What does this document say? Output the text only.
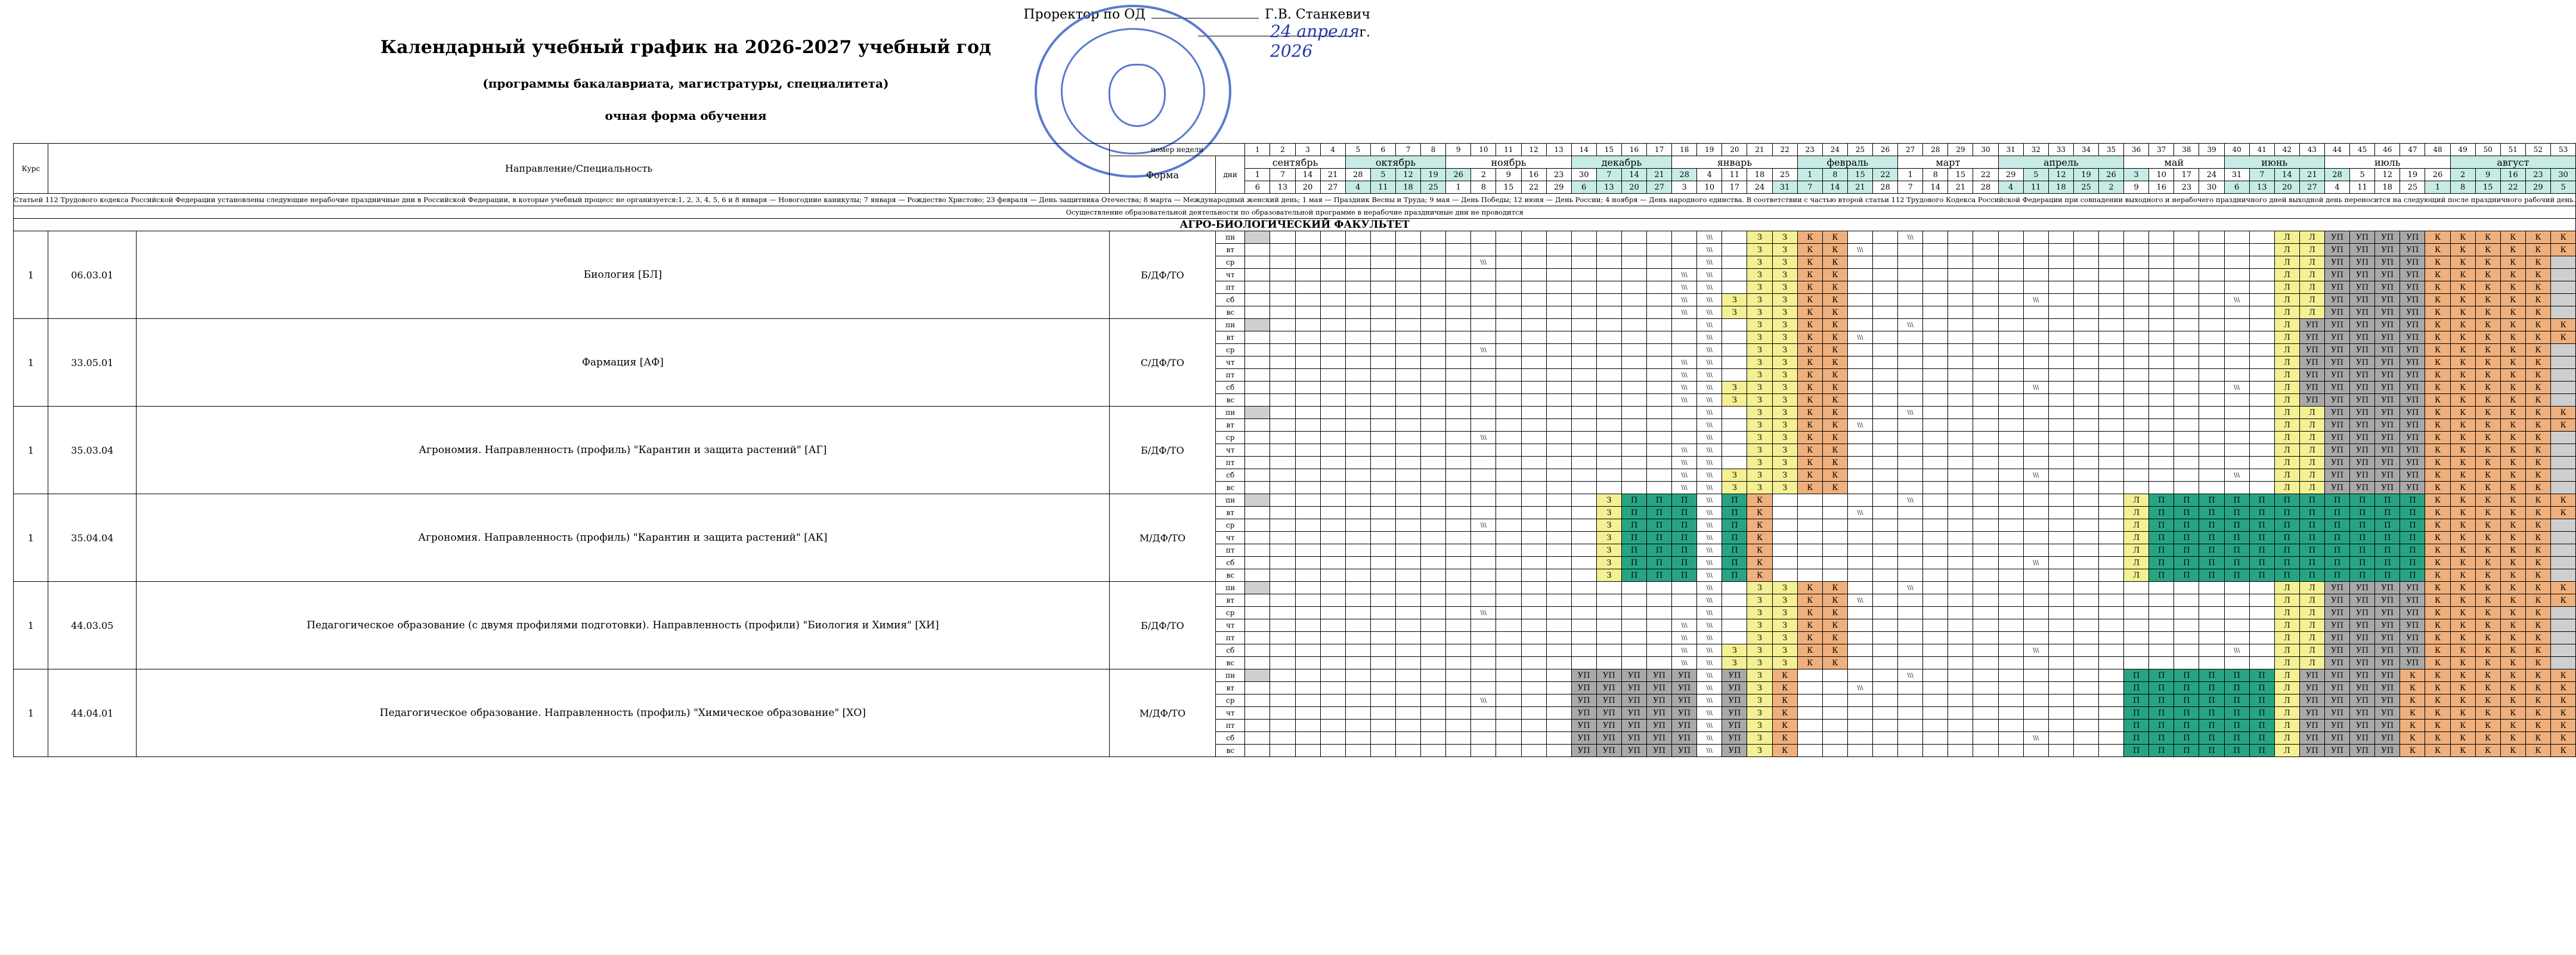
Проректор по ОД	Г.В. Станкевич
г.
24 апреля 2026
Календарный учебный график на 2026-2027 учебный год
(программы бакалавриата, магистратуры, специалитета)
очная форма обучения
Курс	Направление/Специальность		номер недели		1	2	3	4	5	6	7	8	9	10	11	12	13	14	15	16	17	18	19	20	21	22	23	24	25	26	27	28	29	30	31	32	33	34	35	36	37	38	39	40	41	42	43	44	45	46	47	48	49	50	51	52	53
			Форма	дни	сентябрь				октябрь				ноябрь					декабрь				январь					февраль				март				апрель					май				июнь				июль					август				
					1	7	14	21	28	5	12	19	26	2	9	16	23	30	7	14	21	28	4	11	18	25	1	8	15	22	1	8	15	22	29	5	12	19	26	3	10	17	24	31	7	14	21	28	5	12	19	26	2	9	16	23	30
					6	13	20	27	4	11	18	25	1	8	15	22	29	6	13	20	27	3	10	17	24	31	7	14	21	28	7	14	21	28	4	11	18	25	2	9	16	23	30	6	13	20	27	4	11	18	25	1	8	15	22	29	5
Статьей 112 Трудового кодекса Российской Федерации установлены следующие нерабочие праздничные дни в Российской Федерации, в которые учебный процесс не организуется:1, 2, 3, 4, 5, 6 и 8 января — Новогодние каникулы; 7 января — Рождество Христово; 23 февраля — День защитника Отечества; 8 марта — Международный женский день; 1 мая — Праздник Весны и Труда; 9 мая — День Победы; 12 июня — День России; 4 ноября — День народного единства. В соответствии с частью второй статьи 112 Трудового Кодекса Российской Федерации при совпадении выходного и нерабочего праздничного дней выходной день переносится на следующий после праздничного рабочий день.																																																									
Осуществление образовательной деятельности по образовательной программе в нерабочие праздничные дни не проводится																																																									
АГРО-БИОЛОГИЧЕСКИЙ ФАКУЛЬТЕТ																																																									
1	06.03.01	Биология [БЛ]	Б/ДФ/ТО	пн																			\\\		З	З	К	К			\\\															Л	Л	УП	УП	УП	УП	К	К	К	К	К	К
				вт																			\\\		З	З	К	К	\\\																	Л	Л	УП	УП	УП	УП	К	К	К	К	К	К
				ср										\\\									\\\		З	З	К	К																		Л	Л	УП	УП	УП	УП	К	К	К	К	К	
				чт																		\\\	\\\		З	З	К	К																		Л	Л	УП	УП	УП	УП	К	К	К	К	К	
				пт																		\\\	\\\		З	З	К	К																		Л	Л	УП	УП	УП	УП	К	К	К	К	К	
				сб																		\\\	\\\	З	З	З	К	К								\\\								\\\		Л	Л	УП	УП	УП	УП	К	К	К	К	К	
				вс																		\\\	\\\	З	З	З	К	К																		Л	Л	УП	УП	УП	УП	К	К	К	К	К	
1	33.05.01	Фармация [АФ]	С/ДФ/ТО	пн																			\\\		З	З	К	К			\\\															Л	УП	УП	УП	УП	УП	К	К	К	К	К	К
				вт																			\\\		З	З	К	К	\\\																	Л	УП	УП	УП	УП	УП	К	К	К	К	К	К
				ср										\\\									\\\		З	З	К	К																		Л	УП	УП	УП	УП	УП	К	К	К	К	К	
				чт																		\\\	\\\		З	З	К	К																		Л	УП	УП	УП	УП	УП	К	К	К	К	К	
				пт																		\\\	\\\		З	З	К	К																		Л	УП	УП	УП	УП	УП	К	К	К	К	К	
				сб																		\\\	\\\	З	З	З	К	К								\\\								\\\		Л	УП	УП	УП	УП	УП	К	К	К	К	К	
				вс																		\\\	\\\	З	З	З	К	К																		Л	УП	УП	УП	УП	УП	К	К	К	К	К	
1	35.03.04	Агрономия. Направленность (профиль) "Карантин и защита растений" [АГ]	Б/ДФ/ТО	пн																			\\\		З	З	К	К			\\\															Л	Л	УП	УП	УП	УП	К	К	К	К	К	К
				вт																			\\\		З	З	К	К	\\\																	Л	Л	УП	УП	УП	УП	К	К	К	К	К	К
				ср										\\\									\\\		З	З	К	К																		Л	Л	УП	УП	УП	УП	К	К	К	К	К	
				чт																		\\\	\\\		З	З	К	К																		Л	Л	УП	УП	УП	УП	К	К	К	К	К	
				пт																		\\\	\\\		З	З	К	К																		Л	Л	УП	УП	УП	УП	К	К	К	К	К	
				сб																		\\\	\\\	З	З	З	К	К								\\\								\\\		Л	Л	УП	УП	УП	УП	К	К	К	К	К	
				вс																		\\\	\\\	З	З	З	К	К																		Л	Л	УП	УП	УП	УП	К	К	К	К	К	
1	35.04.04	Агрономия. Направленность (профиль) "Карантин и защита растений" [АК]	М/ДФ/ТО	пн															З	П	П	П	\\\	П	К						\\\									Л	П	П	П	П	П	П	П	П	П	П	П	К	К	К	К	К	К
				вт															З	П	П	П	\\\	П	К				\\\											Л	П	П	П	П	П	П	П	П	П	П	П	К	К	К	К	К	К
				ср										\\\					З	П	П	П	\\\	П	К															Л	П	П	П	П	П	П	П	П	П	П	П	К	К	К	К	К	
				чт															З	П	П	П	\\\	П	К															Л	П	П	П	П	П	П	П	П	П	П	П	К	К	К	К	К	
				пт															З	П	П	П	\\\	П	К															Л	П	П	П	П	П	П	П	П	П	П	П	К	К	К	К	К	
				сб															З	П	П	П	\\\	П	К											\\\				Л	П	П	П	П	П	П	П	П	П	П	П	К	К	К	К	К	
				вс															З	П	П	П	\\\	П	К															Л	П	П	П	П	П	П	П	П	П	П	П	К	К	К	К	К	
1	44.03.05	Педагогическое образование (с двумя профилями подготовки). Направленность (профили) "Биология и Химия" [ХИ]	Б/ДФ/ТО	пн																			\\\		З	З	К	К			\\\															Л	Л	УП	УП	УП	УП	К	К	К	К	К	К
				вт																			\\\		З	З	К	К	\\\																	Л	Л	УП	УП	УП	УП	К	К	К	К	К	К
				ср										\\\									\\\		З	З	К	К																		Л	Л	УП	УП	УП	УП	К	К	К	К	К	
				чт																		\\\	\\\		З	З	К	К																		Л	Л	УП	УП	УП	УП	К	К	К	К	К	
				пт																		\\\	\\\		З	З	К	К																		Л	Л	УП	УП	УП	УП	К	К	К	К	К	
				сб																		\\\	\\\	З	З	З	К	К								\\\								\\\		Л	Л	УП	УП	УП	УП	К	К	К	К	К	
				вс																		\\\	\\\	З	З	З	К	К																		Л	Л	УП	УП	УП	УП	К	К	К	К	К	
1	44.04.01	Педагогическое образование. Направленность (профиль) "Химическое образование" [ХО]	М/ДФ/ТО	пн														УП	УП	УП	УП	УП	\\\	УП	З	К					\\\									П	П	П	П	П	П	Л	УП	УП	УП	УП	К	К	К	К	К	К	К
				вт														УП	УП	УП	УП	УП	\\\	УП	З	К			\\\											П	П	П	П	П	П	Л	УП	УП	УП	УП	К	К	К	К	К	К	К
				ср										\\\				УП	УП	УП	УП	УП	\\\	УП	З	К														П	П	П	П	П	П	Л	УП	УП	УП	УП	К	К	К	К	К	К	К
				чт														УП	УП	УП	УП	УП	\\\	УП	З	К														П	П	П	П	П	П	Л	УП	УП	УП	УП	К	К	К	К	К	К	К
				пт														УП	УП	УП	УП	УП	\\\	УП	З	К														П	П	П	П	П	П	Л	УП	УП	УП	УП	К	К	К	К	К	К	К
				сб														УП	УП	УП	УП	УП	\\\	УП	З	К										\\\				П	П	П	П	П	П	Л	УП	УП	УП	УП	К	К	К	К	К	К	К
				вс														УП	УП	УП	УП	УП	\\\	УП	З	К														П	П	П	П	П	П	Л	УП	УП	УП	УП	К	К	К	К	К	К	К
